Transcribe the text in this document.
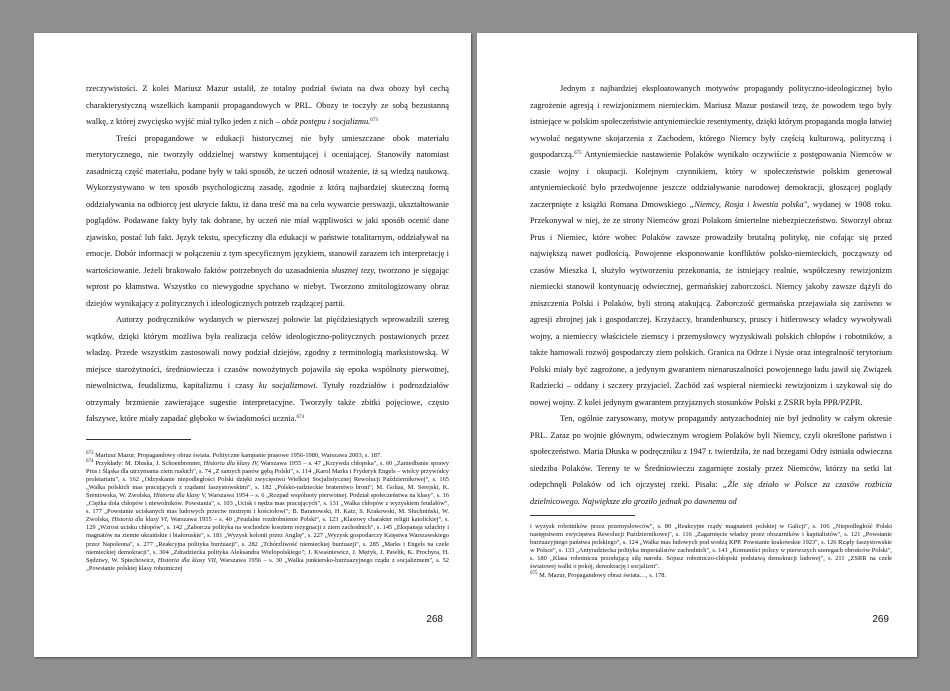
rzeczywistości. Z kolei Mariusz Mazur ustalił, że totalny podział świata na dwa obozy był cechą charakterystyczną wszelkich kampanii propagandowych w PRL. Obozy te toczyły ze sobą bezustanną walkę, z której zwycięsko wyjść miał tylko jeden z nich – obóz postępu i socjalizmu.$^{673}$

Treści propagandowe w edukacji historycznej nie były umieszczane obok materiału merytorycznego, nie tworzyły oddzielnej warstwy komentującej i oceniającej. Stanowiły natomiast zasadniczą część materiału, podane były w taki sposób, że uczeń odnosił wrażenie, iż są wiedzą naukową. Wykorzystywano w ten sposób psychologiczną zasadę, zgodnie z którą najbardziej skuteczną formą oddziaływania na odbiorcę jest ukrycie faktu, iż dana treść ma na celu wywarcie perswazji, ukształtowanie poglądów. Podawane fakty były tak dobrane, by uczeń nie miał wątpliwości w jaki sposób ocenić dane zjawisko, postać lub fakt. Język tekstu, specyficzny dla edukacji w państwie totalitarnym, oddziaływał na emocje. Dobór informacji w połączeniu z tym specyficznym językiem, stanowił zarazem ich interpretację i wartościowanie. Jeżeli brakowało faktów potrzebnych do uzasadnienia słusznej tezy, tworzono je sięgając wprost po kłamstwa. Wszystko co niewygodne spychano w niebyt. Tworzono zmitologizowany obraz dziejów wynikający z politycznych i ideologicznych potrzeb rządzącej partii.

Autorzy podręczników wydanych w pierwszej połowie lat pięćdziesiątych wprowadzili szereg wątków, dzięki którym możliwa była realizacja celów ideologiczno-politycznych postawionych przez władzę. Przede wszystkim zastosowali nowy podział dziejów, zgodny z terminologią marksistowską. W miejsce starożytności, średniowiecza i czasów nowożytnych pojawiła się epoka wspólnoty pierwotnej, niewolnictwa, feudalizmu, kapitalizmu i czasy ku socjalizmowi. Tytuły rozdziałów i podrozdziałów otrzymały brzmienie zawierające sugestie interpretacyjne. Tworzyły także zbitki pojęciowe, często fałszywe, które miały zapadać głęboko w świadomości ucznia.$^{674}$

$^{673}$ Mariusz Mazur, Propagandowy obraz świata. Polityczne kampanie prasowe 1956-1980, Warszawa 2003, s. 187.

$^{674}$ Przykłady: M. Dłuska, J. Schoenbrenner, Historia dla klasy IV, Warszawa 1955 – s. 47 „Krzywda chłopska", s. 60 „Zaniedbanie sprawy Prus i Śląska dla utrzymania ziem ruskich", s. 74 „Z samych panów gębą Polski", s. 114 „Karol Marks i Fryderyk Engels – wielcy przywódcy proletariatu", s. 162 „Odzyskanie niepodległości Polski dzięki zwycięstwu Wielkiej Socjalistycznej Rewolucji Październikowej", s. 165 „Walka polskich mas pracujących z rządami faszystowskimi", s. 182 „Polsko-radzieckie braterstwo broni"; M. Golias, M. Serejski, K. Śreniowska, W. Zwolska, Historia dla klasy V, Warszawa 1954 – s. 6 „Rozpad wspólnoty pierwotnej. Podział społeczeństwa na klasy", s. 16 „Ciężka dola chłopów i niewolników. Powstania", s. 103 „Ucisk i nędza mas pracujących", s. 131 „Walka chłopów z wyzyskiem feudałów", s. 177 „Powstanie uciskanych mas ludowych przeciw możnym i kościołowi"; B. Baranowski, H. Katz, S. Krakowski, M. Słuchniński, W. Zwolska, Historia dla klasy VI, Warszawa 1955 – s. 40 „Feudalne rozdrobnienie Polski", s. 123 „Klasowy charakter religii katolickiej", s. 129 „Wzrost ucisku chłopów", s. 142 „Zaborcza polityka na wschodzie kosztem rezygnacji z ziem zachodnich", s. 145 „Ekspansja szlachty i magnatów na ziemie ukraińskie i białoruskie", s. 181 „Wyzysk kolonii przez Anglię", s. 227 „Wyzysk gospodarczy Księstwa Warszawskiego przez Napoleona", s. 277 „Reakcyjna polityka burżuazji", s. 282 „Tchórzliwość niemieckiej burżuazji", s. 285 „Marks i Engels na czele niemieckiej demokracji", s. 304 „Zdradziecka polityka Aleksandra Wielopolskiego"; J. Kwaśniewicz, J. Mężyk, J. Pawlik, K. Prochyra, H. Sędziwy, W. Spiechowicz, Historia dla klasy VII, Warszawa 1956 – s. 30 „Walka junkiersko-burżuazyjnego rządu z socjalizmem", s. 52 „Powstanie polskiej klasy robotniczej

268

Jednym z najbardziej eksploatowanych motywów propagandy polityczno-ideologicznej było zagrożenie agresją i rewizjonizmem niemieckim. Mariusz Mazur postawił tezę, że powodem tego były istniejące w polskim społeczeństwie antyniemieckie resentymenty, dzięki którym propaganda mogła łatwiej wywołać negatywne skojarzenia z Zachodem, którego Niemcy były częścią kulturową, polityczną i gospodarczą.$^{675}$ Antyniemieckie nastawienie Polaków wynikało oczywiście z postępowania Niemców w czasie wojny i okupacji. Kolejnym czynnikiem, który w społeczeństwie polskim generował antyniemieckość było przedwojenne jeszcze oddziaływanie narodowej demokracji, głoszącej poglądy zaczerpnięte z książki Romana Dmowskiego „Niemcy, Rosja i kwestia polska", wydanej w 1908 roku. Przekonywał w niej, że ze strony Niemców grozi Polakom śmiertelne niebezpieczeństwo. Stworzył obraz Prus i Niemiec, które wobec Polaków zawsze prowadziły brutalną politykę, nie cofając się przed największą nawet podłością. Powojenne eksponowanie konfliktów polsko-niemieckich, począwszy od czasów Mieszka I, służyło wytworzeniu przekonania, że istniejący realnie, współczesny rewizjonizm niemiecki stanowił kontynuację odwiecznej, germańskiej zaborczości. Niemcy jakoby zawsze dążyli do zniszczenia Polski i Polaków, byli stroną atakującą. Zaborczość germańska przejawiała się zarówno w agresji zbrojnej jak i gospodarczej. Krzyżaccy, brandenburscy, pruscy i hitlerowscy władcy wywoływali wojny, a niemieccy właściciele ziemscy i przemysłowcy wyzyskiwali polskich chłopów i robotników, a także hamowali rozwój gospodarczy ziem polskich. Granica na Odrze i Nysie oraz integralność terytorium Polski miały być zagrożone, a jedynym gwarantem nienaruszalności powojennego ładu jawił się Związek Radziecki – oddany i szczery przyjaciel. Zachód zaś wspierał niemiecki rewizjonizm i szykował się do nowej wojny. Z kolei jedynym gwarantem przyjaznych stosunków Polski z ZSRR była PPR/PZPR.

Ten, ogólnie zarysowany, motyw propagandy antyzachodniej nie był jednolity w całym okresie PRL. Zaraz po wojnie głównym, odwiecznym wrogiem Polaków byli Niemcy, czyli określone państwo i społeczeństwo. Maria Dłuska w podręczniku z 1947 r. twierdziła, że nad brzegami Odry istniała odwieczna siedziba Polaków. Tereny te w Średniowieczu zagarnięte zostały przez Niemców, którzy na setki lat odepchnęli Polaków od ich ojczystej rzeki. Pisała: „Źle się działo w Polsce za czasów rozbicia dzielnicowego. Największe zło groziło jednak po dawnemu od

i wyzysk robotników przez przemysłowców", s. 80 „Reakcyjne rządy magnaterii polskiej w Galicji", s. 106 „Niepodległość Polski następstwem zwycięstwa Rewolucji Październikowej", s. 116 „Zagarnięcie władzy przez obszarników i kapitalistów", s. 121 „Powstanie burżuazyjnego państwa polskiego", s. 124 „Walka mas ludowych pod wodzą KPP. Powstanie krakowskie 1923", s. 126 Rządy faszystowskie w Polsce", s. 133 „Antyradziecka polityka imperialistów zachodnich", s. 141 „Komuniści polscy w pierwszych szeregach obrońców Polski", s. 180 „Klasa robotnicza przodującą siłą narodu. Sojusz robotniczo-chłopski podstawą demokracji ludowej", s. 211 „ZSRR na czele światowej walki o pokój, demokrację i socjalizm".

$^{675}$ M. Mazur, Propagandowy obraz świata…, s. 178.

269
